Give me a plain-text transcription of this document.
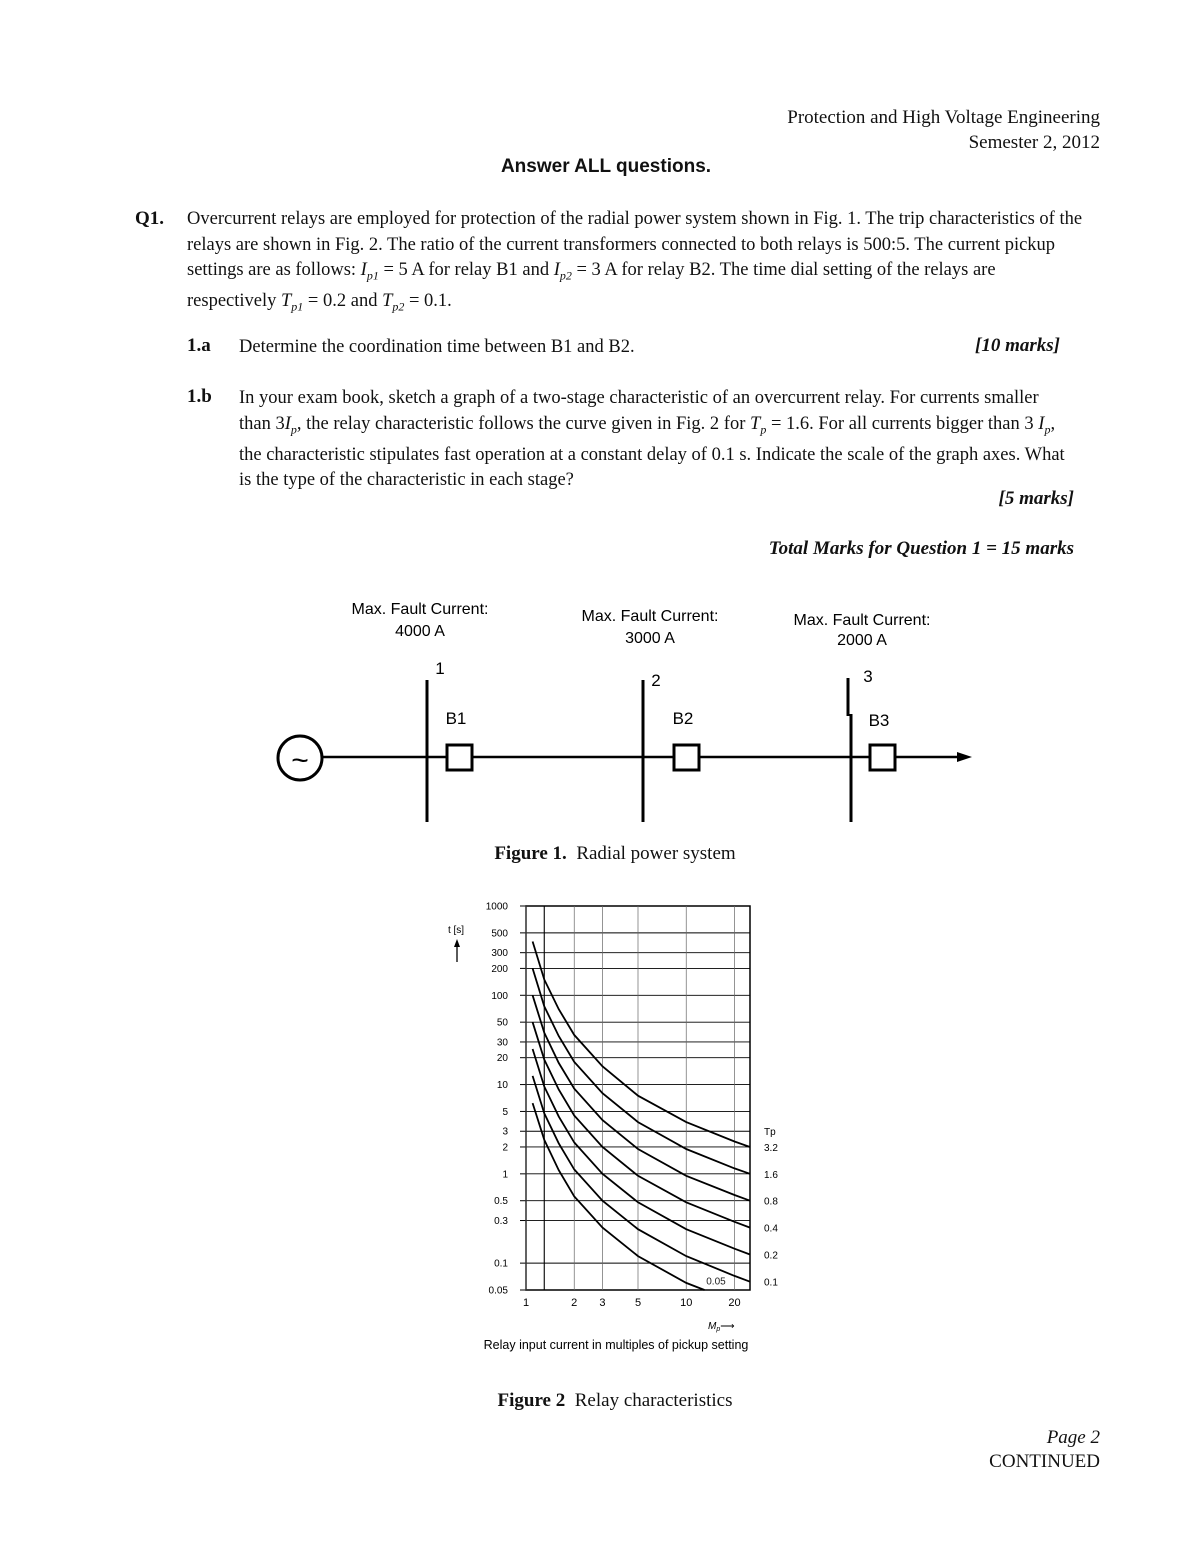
Protection and High Voltage Engineering
Semester 2, 2012
Answer ALL questions.
Q1. Overcurrent relays are employed for protection of the radial power system shown in Fig. 1. The trip characteristics of the relays are shown in Fig. 2. The ratio of the current transformers connected to both relays is 500:5. The current pickup settings are as follows: $I_{p1} = 5$ A for relay B1 and $I_{p2} = 3$ A for relay B2. The time dial setting of the relays are respectively $T_{p1} = 0.2$ and $T_{p2} = 0.1$.
1.a Determine the coordination time between B1 and B2.	[10 marks]
1.b In your exam book, sketch a graph of a two-stage characteristic of an overcurrent relay. For currents smaller than $3I_p$, the relay characteristic follows the curve given in Fig. 2 for $T_p = 1.6$. For all currents bigger than 3 $I_p$, the characteristic stipulates fast operation at a constant delay of 0.1 s. Indicate the scale of the graph axes. What is the type of the characteristic in each stage?
[5 marks]
Total Marks for Question 1 = 15 marks
Max. Fault Current:
4000 A
Max. Fault Current:
3000 A
Max. Fault Current:
2000 A
1
2	3
B1	B2	B3
~
Figure 1. Radial power system
1000
500
300
200
100
50
30
20
10
5
3
2
1
0.5
0.3
0.1
0.05
1	2 3	5	10	20
3.2
1.6
0.8
0.4
0.2
0.1
0.05
t [s]
Tp
$M_p⟶$
Relay input current in multiples of pickup setting
Figure 2 Relay characteristics
Page 2
CONTINUED
